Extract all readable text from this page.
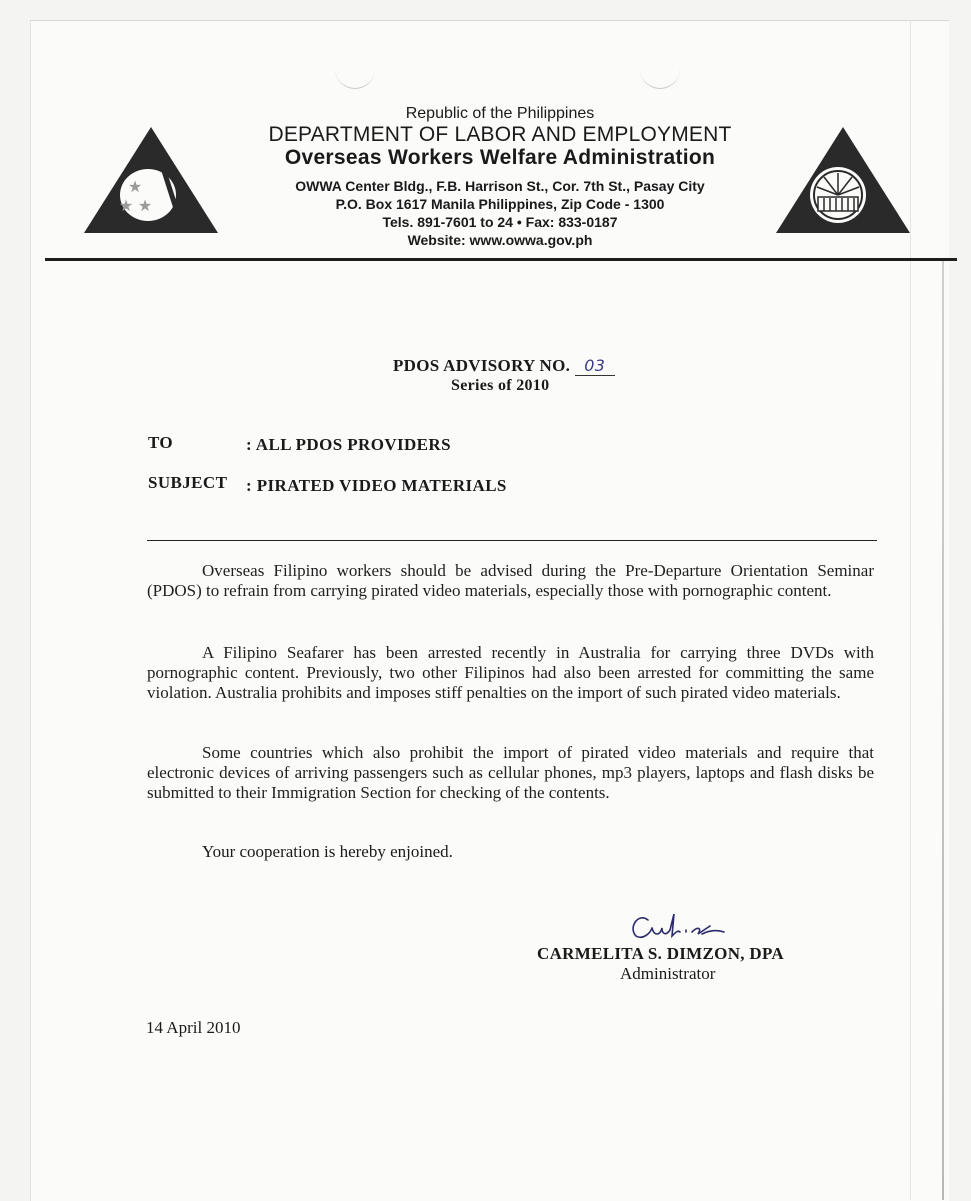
★
★ ★
Republic of the Philippines
DEPARTMENT OF LABOR AND EMPLOYMENT
Overseas Workers Welfare Administration
OWWA Center Bldg., F.B. Harrison St., Cor. 7th St., Pasay City
P.O. Box 1617 Manila Philippines, Zip Code - 1300
Tels. 891-7601 to 24 • Fax: 833-0187
Website: www.owwa.gov.ph
PDOS ADVISORY NO. 03
Series of 2010
TO	: ALL PDOS PROVIDERS
SUBJECT : PIRATED VIDEO MATERIALS
Overseas Filipino workers should be advised during the Pre-Departure Orientation Seminar (PDOS) to refrain from carrying pirated video materials, especially those with pornographic content.
A Filipino Seafarer has been arrested recently in Australia for carrying three DVDs with pornographic content. Previously, two other Filipinos had also been arrested for committing the same violation. Australia prohibits and imposes stiff penalties on the import of such pirated video materials.
Some countries which also prohibit the import of pirated video materials and require that electronic devices of arriving passengers such as cellular phones, mp3 players, laptops and flash disks be submitted to their Immigration Section for checking of the contents.
Your cooperation is hereby enjoined.
CARMELITA S. DIMZON, DPA
Administrator
14 April 2010
